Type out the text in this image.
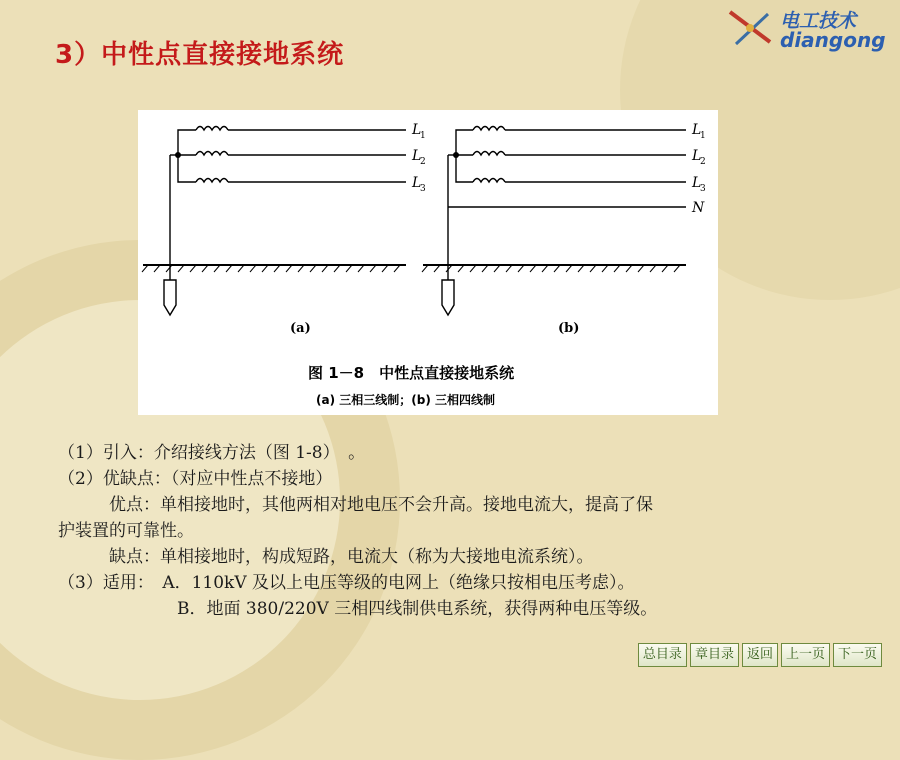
3）中性点直接接地系统
电工技术
diangong
L
1
L
2
L
3
(a)
L
1
L
2
L
3
N
(b)
图 1－8　中性点直接接地系统
(a) 三相三线制；(b) 三相四线制
（1）引入：介绍接线方法（图 1-8）　。
（2）优缺点：（对应中性点不接地）
　　　优点：单相接地时，其他两相对地电压不会升高。接地电流大，提高了保
护装置的可靠性。
　　　缺点：单相接地时，构成短路，电流大（称为大接地电流系统）。
（3）适用：　A．110kV 及以上电压等级的电网上（绝缘只按相电压考虑）。
　　　　　　　B．地面 380/220V 三相四线制供电系统，获得两种电压等级。
总目录	章目录	返回	上一页	下一页
